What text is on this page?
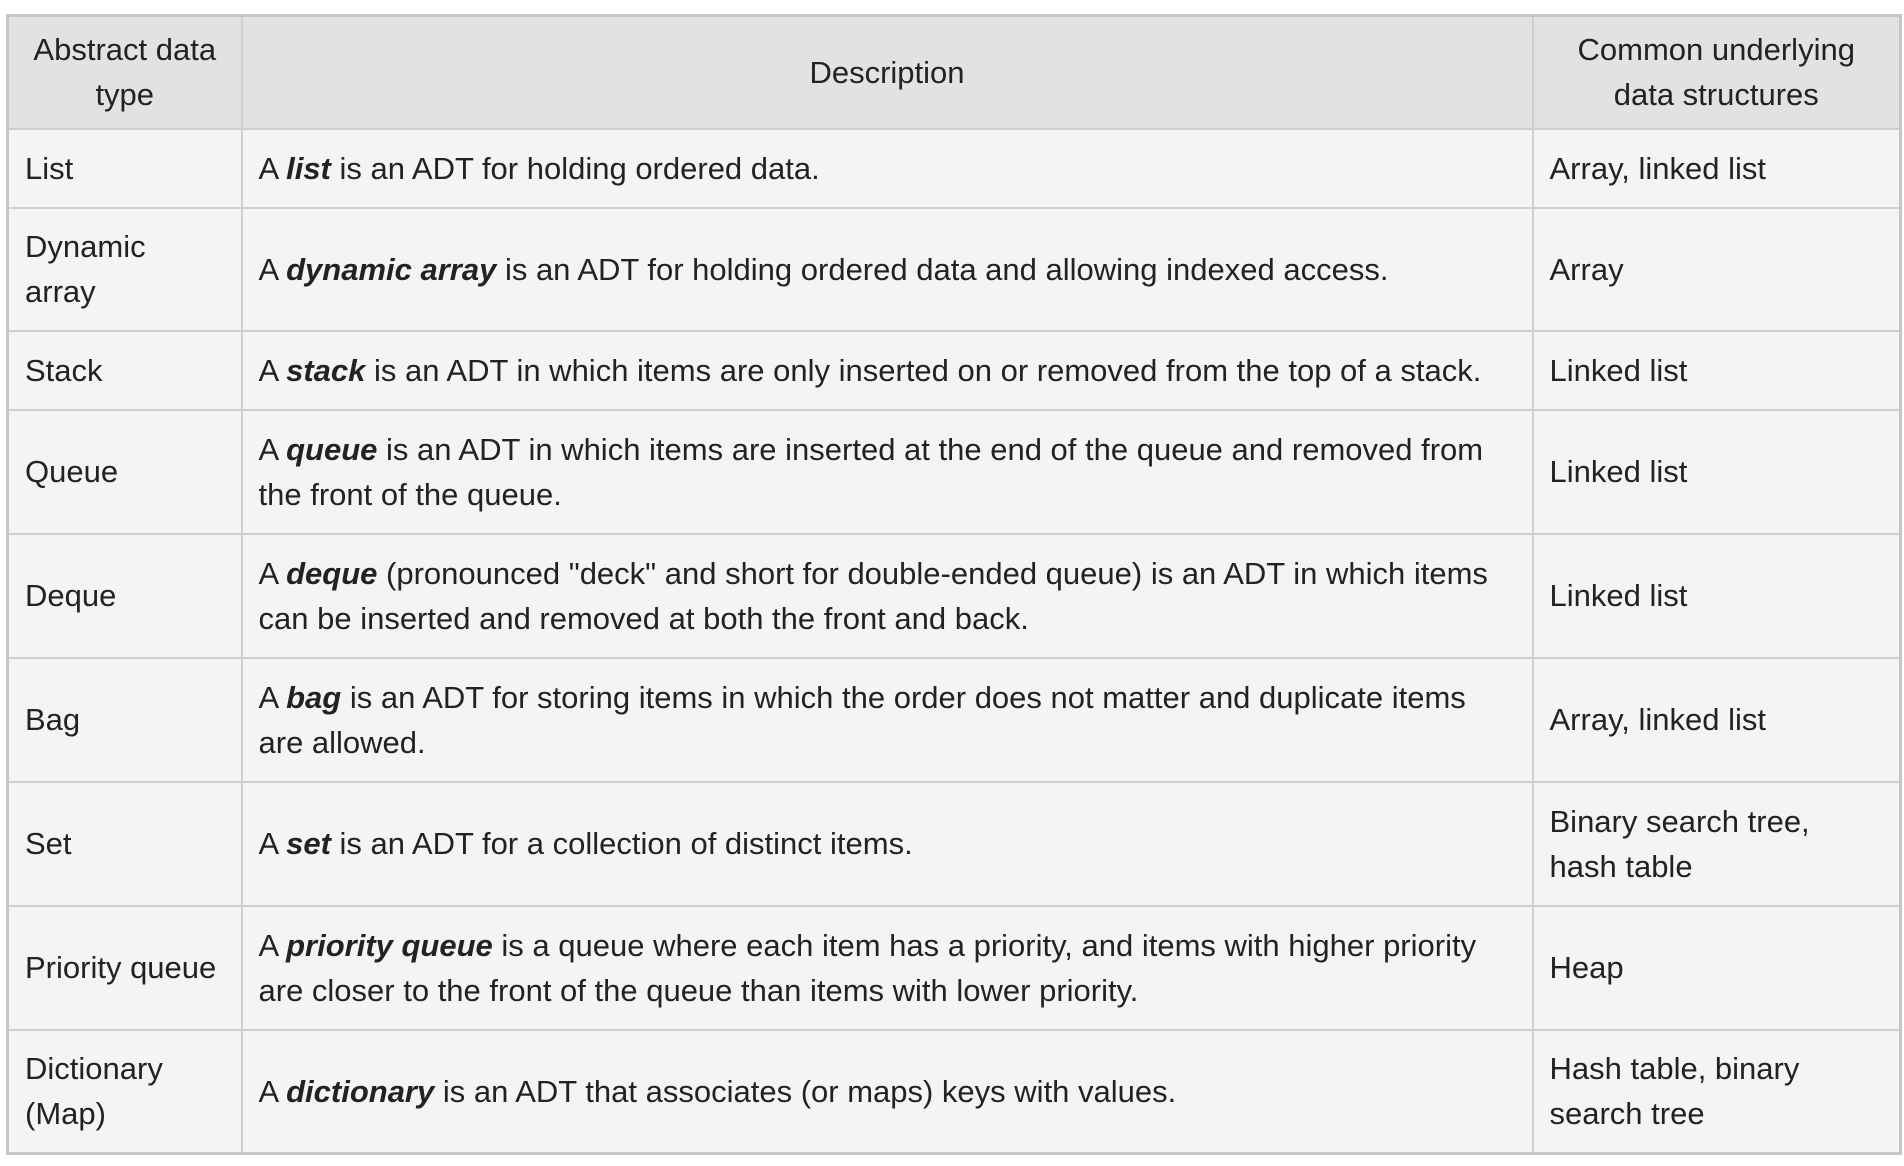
Abstract data type	Description	Common underlying data structures
List	A list is an ADT for holding ordered data.	Array, linked list
Dynamic array	A dynamic array is an ADT for holding ordered data and allowing indexed access.	Array
Stack	A stack is an ADT in which items are only inserted on or removed from the top of a stack.	Linked list
Queue	A queue is an ADT in which items are inserted at the end of the queue and removed from the front of the queue.	Linked list
Deque	A deque (pronounced "deck" and short for double-ended queue) is an ADT in which items can be inserted and removed at both the front and back.	Linked list
Bag	A bag is an ADT for storing items in which the order does not matter and duplicate items are allowed.	Array, linked list
Set	A set is an ADT for a collection of distinct items.	Binary search tree, hash table
Priority queue	A priority queue is a queue where each item has a priority, and items with higher priority are closer to the front of the queue than items with lower priority.	Heap
Dictionary (Map)	A dictionary is an ADT that associates (or maps) keys with values.	Hash table, binary search tree
